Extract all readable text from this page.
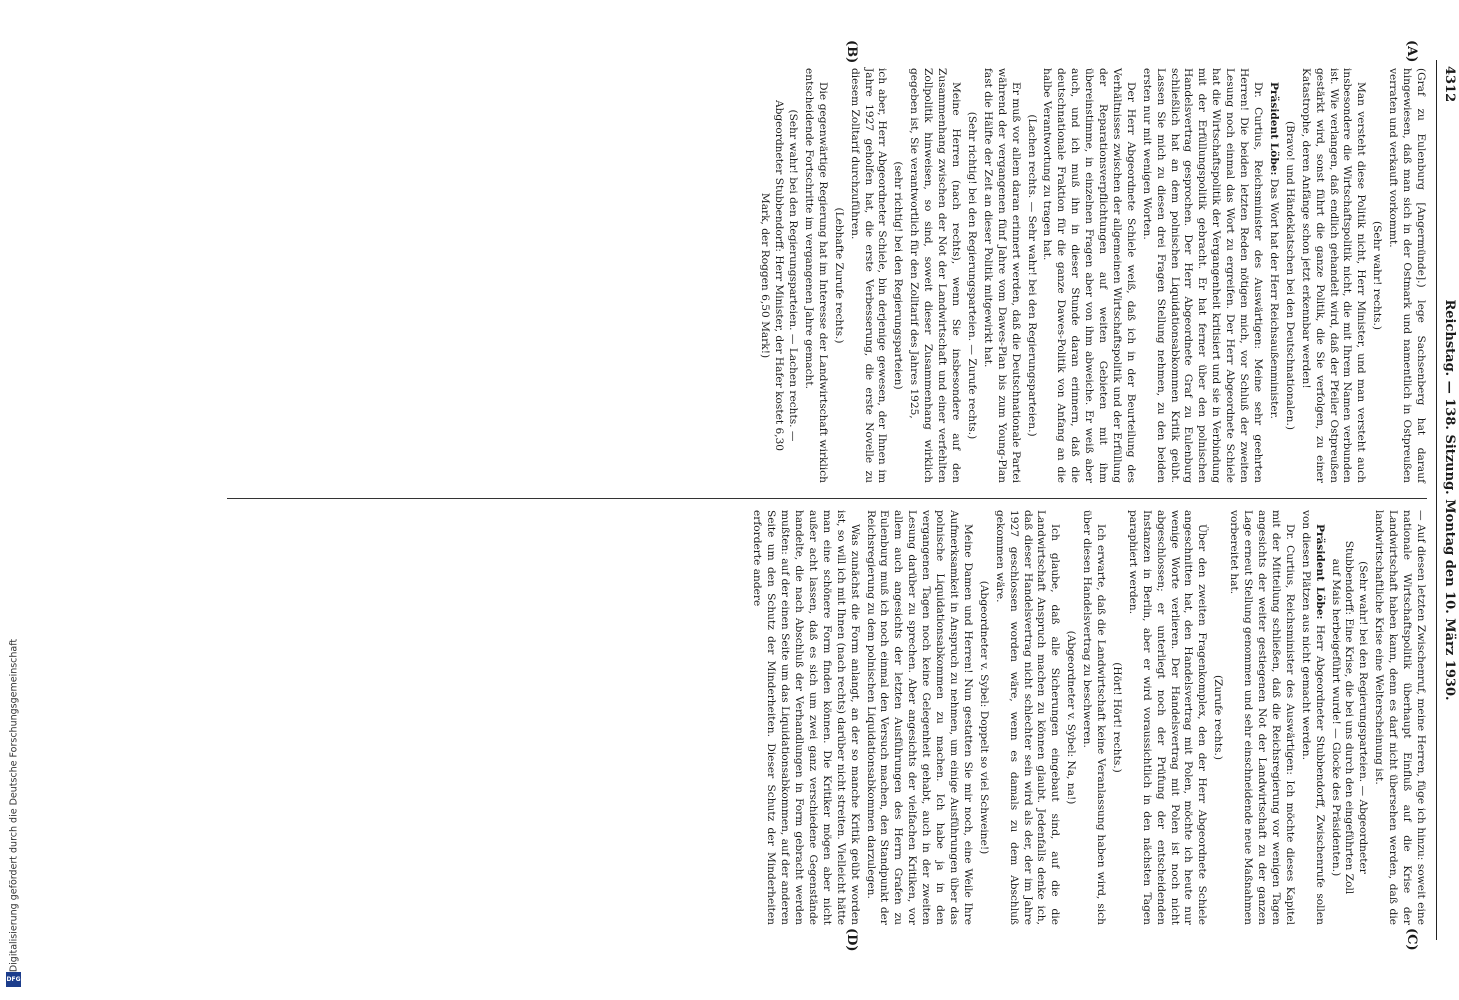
4312
Reichstag. — 138. Sitzung. Montag den 10. März 1930.
(A)
(B)
(C)
(D)

(Graf zu Eulenburg [Angermünde].) lege Sachsenberg hat darauf hingewiesen, daß man sich in der Ostmark und namentlich in Ostpreußen verraten und verkauft vorkommt.

(Sehr wahr! rechts.)

Man versteht diese Politik nicht, Herr Minister, und man versteht auch insbesondere die Wirtschaftspolitik nicht, die mit Ihrem Namen verbunden ist. Wie verlangen, daß endlich gehandelt wird, daß der Pfeiler Ostpreußen gestärkt wird, sonst führt die ganze Politik, die Sie verfolgen, zu einer Katastrophe, deren Anfänge schon jetzt erkennbar werden!

(Bravo! und Händeklatschen bei den Deutschnationalen.)

Präsident Löbe: Das Wort hat der Herr Reichsaußenminister.

Dr. Curtius, Reichsminister des Auswärtigen: Meine sehr geehrten Herren! Die beiden letzten Reden nötigen mich, vor Schluß der zweiten Lesung noch einmal das Wort zu ergreifen. Der Herr Abgeordnete Schiele hat die Wirtschaftspolitik der Vergangenheit kritisiert und sie in Verbindung mit der Erfüllungspolitik gebracht. Er hat ferner über den polnischen Handelsvertrag gesprochen. Der Herr Abgeordnete Graf zu Eulenburg schließlich hat an dem polnischen Liquidationsabkommen Kritik geübt. Lassen Sie mich zu diesen drei Fragen Stellung nehmen, zu den beiden ersten nur mit wenigen Worten.

Der Herr Abgeordnete Schiele weiß, daß ich in der Beurteilung des Verhältnisses zwischen der allgemeinen Wirtschaftspolitik und der Erfüllung der Reparationsverpflichtungen auf weiten Gebieten mit ihm übereinstimme, in einzelnen Fragen aber von ihm abweiche. Er weiß aber auch, und ich muß ihn in dieser Stunde daran erinnern, daß die deutschnationale Fraktion für die ganze Dawes-Politik von Anfang an die halbe Verantwortung zu tragen hat.

(Lachen rechts. — Sehr wahr! bei den Regierungsparteien.)

Er muß vor allem daran erinnert werden, daß die Deutschnationale Partei während der vergangenen fünf Jahre vom Dawes-Plan bis zum Young-Plan fast die Hälfte der Zeit an dieser Politik mitgewirkt hat.

(Sehr richtig! bei den Regierungsparteien. — Zurufe rechts.)

Meine Herren (nach rechts), wenn Sie insbesondere auf den Zusammenhang zwischen der Not der Landwirtschaft und einer verfehlten Zollpolitik hinweisen, so sind, soweit dieser Zusammenhang wirklich gegeben ist, Sie verantwortlich für den Zolltarif des Jahres 1925,

(sehr richtig! bei den Regierungsparteien)

ich aber, Herr Abgeordneter Schiele, bin derjenige gewesen, der Ihnen im Jahre 1927 geholfen hat, die erste Verbesserung, die erste Novelle zu diesem Zolltarif durchzuführen.

(Lebhafte Zurufe rechts.)

Die gegenwärtige Regierung hat im Interesse der Landwirtschaft wirklich entscheidende Fortschritte im vergangenen Jahre gemacht.

(Sehr wahr! bei den Regierungsparteien. — Lachen rechts. — Abgeordneter Stubbendorff: Herr Minister, der Hafer kostet 6,30 Mark, der Roggen 6,50 Mark!)

— Auf diesen letzten Zwischenruf, meine Herren, füge ich hinzu: soweit eine nationale Wirtschaftspolitik überhaupt Einfluß auf die Krise der Landwirtschaft haben kann, denn es darf nicht übersehen werden, daß die landwirtschaftliche Krise eine Welterscheinung ist.

(Sehr wahr! bei den Regierungsparteien. — Abgeordneter Stubbendorff: Eine Krise, die bei uns durch den eingeführten Zoll auf Mais herbeigeführt wurde! — Glocke des Präsidenten.)

Präsident Löbe: Herr Abgeordneter Stubbendorff, Zwischenrufe sollen von diesen Plätzen aus nicht gemacht werden.

Dr. Curtius, Reichsminister des Auswärtigen: Ich möchte dieses Kapitel mit der Mitteilung schließen, daß die Reichsregierung vor wenigen Tagen angesichts der weiter gestiegenen Not der Landwirtschaft zu der ganzen Lage erneut Stellung genommen und sehr einschneidende neue Maßnahmen vorbereitet hat.

(Zurufe rechts.)

Über den zweiten Fragenkomplex, den der Herr Abgeordnete Schiele angeschnitten hat, den Handelsvertrag mit Polen, möchte ich heute nur wenige Worte verlieren. Der Handelsvertrag mit Polen ist noch nicht abgeschlossen; er unterliegt noch der Prüfung der entscheidenden Instanzen in Berlin, aber er wird voraussichtlich in den nächsten Tagen paraphiert werden.

(Hört! Hört! rechts.)

Ich erwarte, daß die Landwirtschaft keine Veranlassung haben wird, sich über diesen Handelsvertrag zu beschweren.

(Abgeordneter v. Sybel: Na, na!)

Ich glaube, daß alle Sicherungen eingebaut sind, auf die die Landwirtschaft Anspruch machen zu können glaubt. Jedenfalls denke ich, daß dieser Handelsvertrag nicht schlechter sein wird als der, der im Jahre 1927 geschlossen worden wäre, wenn es damals zu dem Abschluß gekommen wäre.

(Abgeordneter v. Sybel: Doppelt so viel Schweine!)

Meine Damen und Herren! Nun gestatten Sie mir noch, eine Weile Ihre Aufmerksamkeit in Anspruch zu nehmen, um einige Ausführungen über das polnische Liquidationsabkommen zu machen. Ich habe ja in den vergangenen Tagen noch keine Gelegenheit gehabt, auch in der zweiten Lesung darüber zu sprechen. Aber angesichts der vielfachen Kritiken, vor allem auch angesichts der letzten Ausführungen des Herrn Grafen zu Eulenburg muß ich noch einmal den Versuch machen, den Standpunkt der Reichsregierung zu dem polnischen Liquidationsabkommen darzulegen.

Was zunächst die Form anlangt, an der so manche Kritik geübt worden ist, so will ich mit Ihnen (nach rechts) darüber nicht streiten. Vielleicht hätte man eine schönere Form finden können. Die Kritiker mögen aber nicht außer acht lassen, daß es sich um zwei ganz verschiedene Gegenstände handelte, die nach Abschluß der Verhandlungen in Form gebracht werden mußten: auf der einen Seite um das Liquidationsabkommen, auf der anderen Seite um den Schutz der Minderheiten. Dieser Schutz der Minderheiten erforderte andere

Digitalisierung gefördert durch die Deutsche Forschungsgemeinschaft
DFG
